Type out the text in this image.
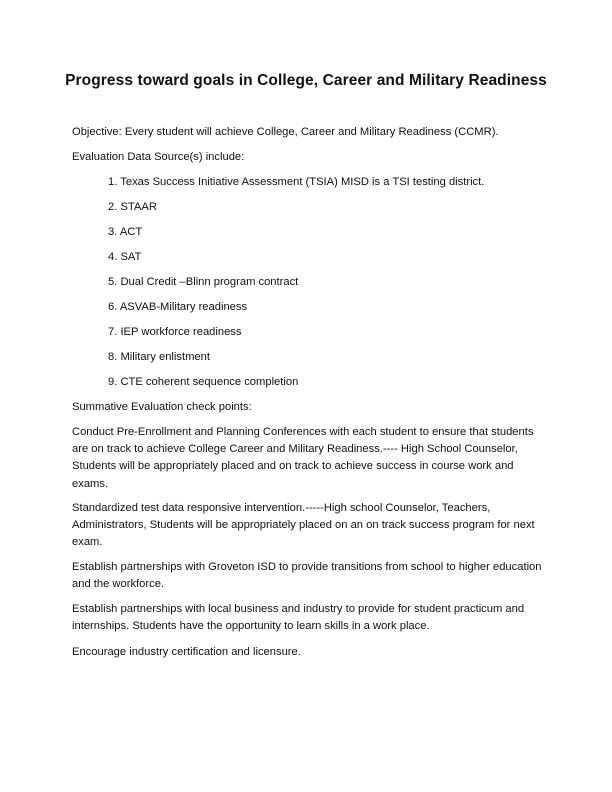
Progress toward goals in College, Career and Military Readiness
Objective: Every student will achieve College, Career and Military Readiness (CCMR).
Evaluation Data Source(s) include:
1. Texas Success Initiative Assessment (TSIA) MISD is a TSI testing district.
2. STAAR
3. ACT
4. SAT
5. Dual Credit –Blinn program contract
6. ASVAB-Military readiness
7. IEP workforce readiness
8. Military enlistment
9. CTE coherent sequence completion
Summative Evaluation check points:
Conduct Pre-Enrollment and Planning Conferences with each student to ensure that students are on track to achieve College Career and Military Readiness.---- High School Counselor, Students will be appropriately placed and on track to achieve success in course work and exams.
Standardized test data responsive intervention.-----High school Counselor, Teachers, Administrators, Students will be appropriately placed on an on track success program for next exam.
Establish partnerships with Groveton ISD to provide transitions from school to higher education and the workforce.
Establish partnerships with local business and industry to provide for student practicum and internships. Students have the opportunity to learn skills in a work place.
Encourage industry certification and licensure.
